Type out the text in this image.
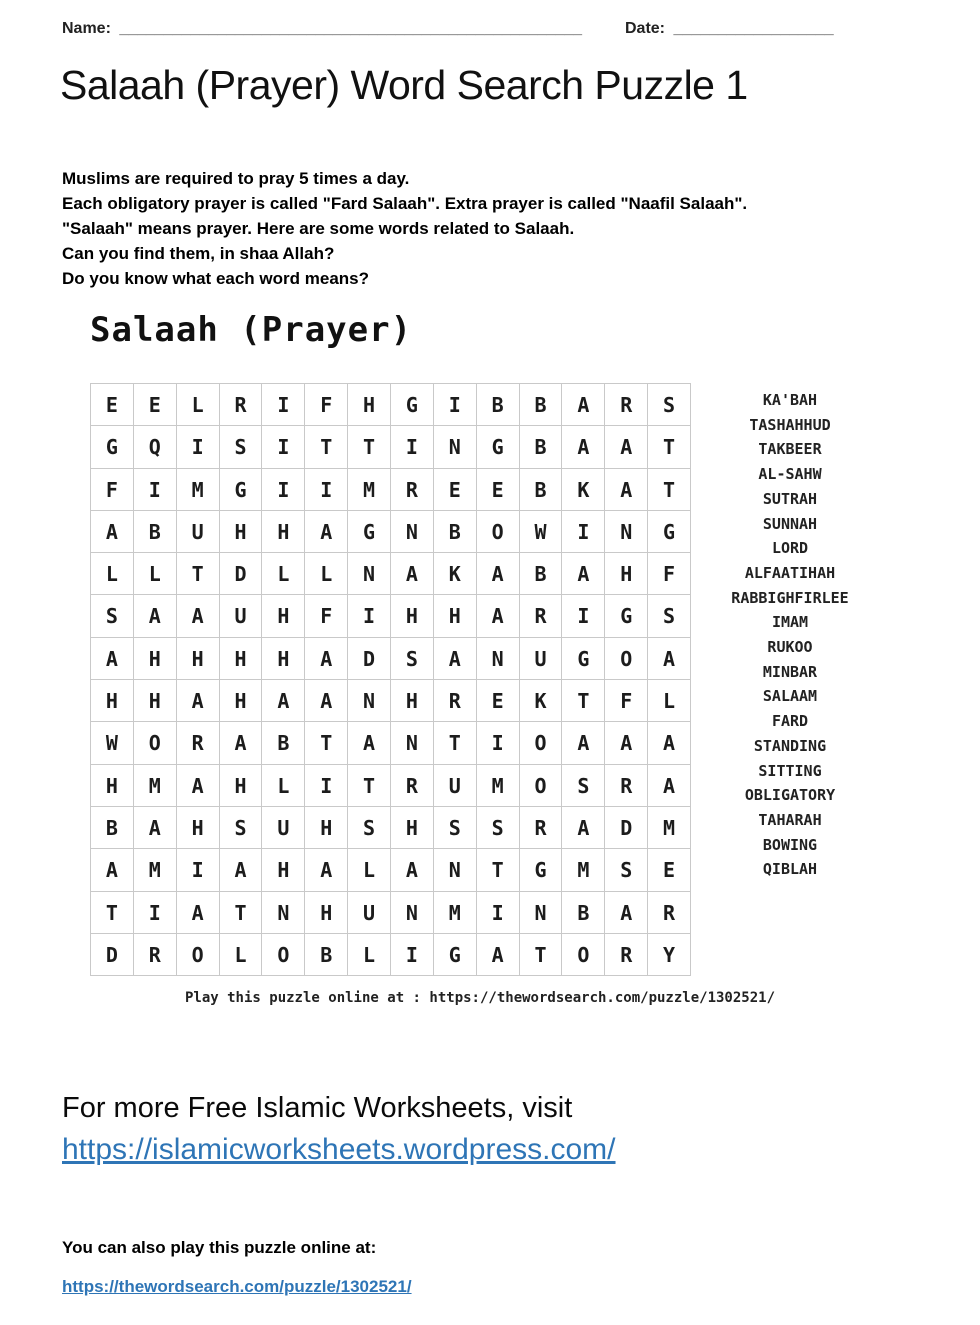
Name: ____________________________________________________	Date: __________________
Salaah (Prayer) Word Search Puzzle 1
Muslims are required to pray 5 times a day.
Each obligatory prayer is called "Fard Salaah". Extra prayer is called "Naafil Salaah".
"Salaah" means prayer. Here are some words related to Salaah.
Can you find them, in shaa Allah?
Do you know what each word means?
Salaah (Prayer)
E	E	L	R	I	F	H	G	I	B	B	A	R	S
G	Q	I	S	I	T	T	I	N	G	B	A	A	T
F	I	M	G	I	I	M	R	E	E	B	K	A	T
A	B	U	H	H	A	G	N	B	O	W	I	N	G
L	L	T	D	L	L	N	A	K	A	B	A	H	F
S	A	A	U	H	F	I	H	H	A	R	I	G	S
A	H	H	H	H	A	D	S	A	N	U	G	O	A
H	H	A	H	A	A	N	H	R	E	K	T	F	L
W	O	R	A	B	T	A	N	T	I	O	A	A	A
H	M	A	H	L	I	T	R	U	M	O	S	R	A
B	A	H	S	U	H	S	H	S	S	R	A	D	M
A	M	I	A	H	A	L	A	N	T	G	M	S	E
T	I	A	T	N	H	U	N	M	I	N	B	A	R
D	R	O	L	O	B	L	I	G	A	T	O	R	Y
KA'BAH
TASHAHHUD
TAKBEER
AL-SAHW
SUTRAH
SUNNAH
LORD
ALFAATIHAH
RABBIGHFIRLEE
IMAM
RUKOO
MINBAR
SALAAM
FARD
STANDING
SITTING
OBLIGATORY
TAHARAH
BOWING
QIBLAH
Play this puzzle online at : https://thewordsearch.com/puzzle/1302521/
For more Free Islamic Worksheets, visit
https://islamicworksheets.wordpress.com/
You can also play this puzzle online at:
https://thewordsearch.com/puzzle/1302521/
